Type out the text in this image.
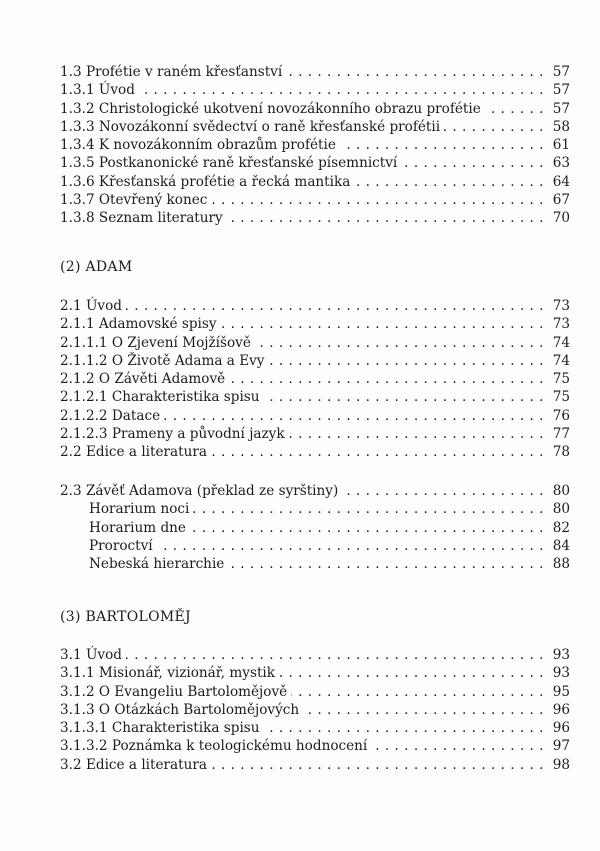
1.3 Profétie v raném křesťanství . . .	57
1.3.1 Úvod . . .	57
1.3.2 Christologické ukotvení novozákonního obrazu profétie . . .	57
1.3.3 Novozákonní svědectví o raně křesťanské profétii . . .	58
1.3.4 K novozákonním obrazům profétie . . .	61
1.3.5 Postkanonické raně křesťanské písemnictví . . .	63
1.3.6 Křesťanská profétie a řecká mantika . . .	64
1.3.7 Otevřený konec . . .	67
1.3.8 Seznam literatury . . .	70
(2) ADAM
2.1 Úvod . . .	73
2.1.1 Adamovské spisy . . .	73
2.1.1.1 O Zjevení Mojžíšově . . .	74
2.1.1.2 O Životě Adama a Evy . . .	74
2.1.2 O Závěti Adamově . . .	75
2.1.2.1 Charakteristika spisu . . .	75
2.1.2.2 Datace . . .	76
2.1.2.3 Prameny a původní jazyk . . .	77
2.2 Edice a literatura . . .	78
2.3 Závěť Adamova (překlad ze syrštiny) . . .	80
Horarium noci . . .	80
Horarium dne . . .	82
Proroctví . . .	84
Nebeská hierarchie . . .	88
(3) BARTOLOMĚJ
3.1 Úvod . . .	93
3.1.1 Misionář, vizionář, mystik . . .	93
3.1.2 O Evangeliu Bartolomějově . . .	95
3.1.3 O Otázkách Bartolomějových . . .	96
3.1.3.1 Charakteristika spisu . . .	96
3.1.3.2 Poznámka k teologickému hodnocení . . .	97
3.2 Edice a literatura . . .	98
